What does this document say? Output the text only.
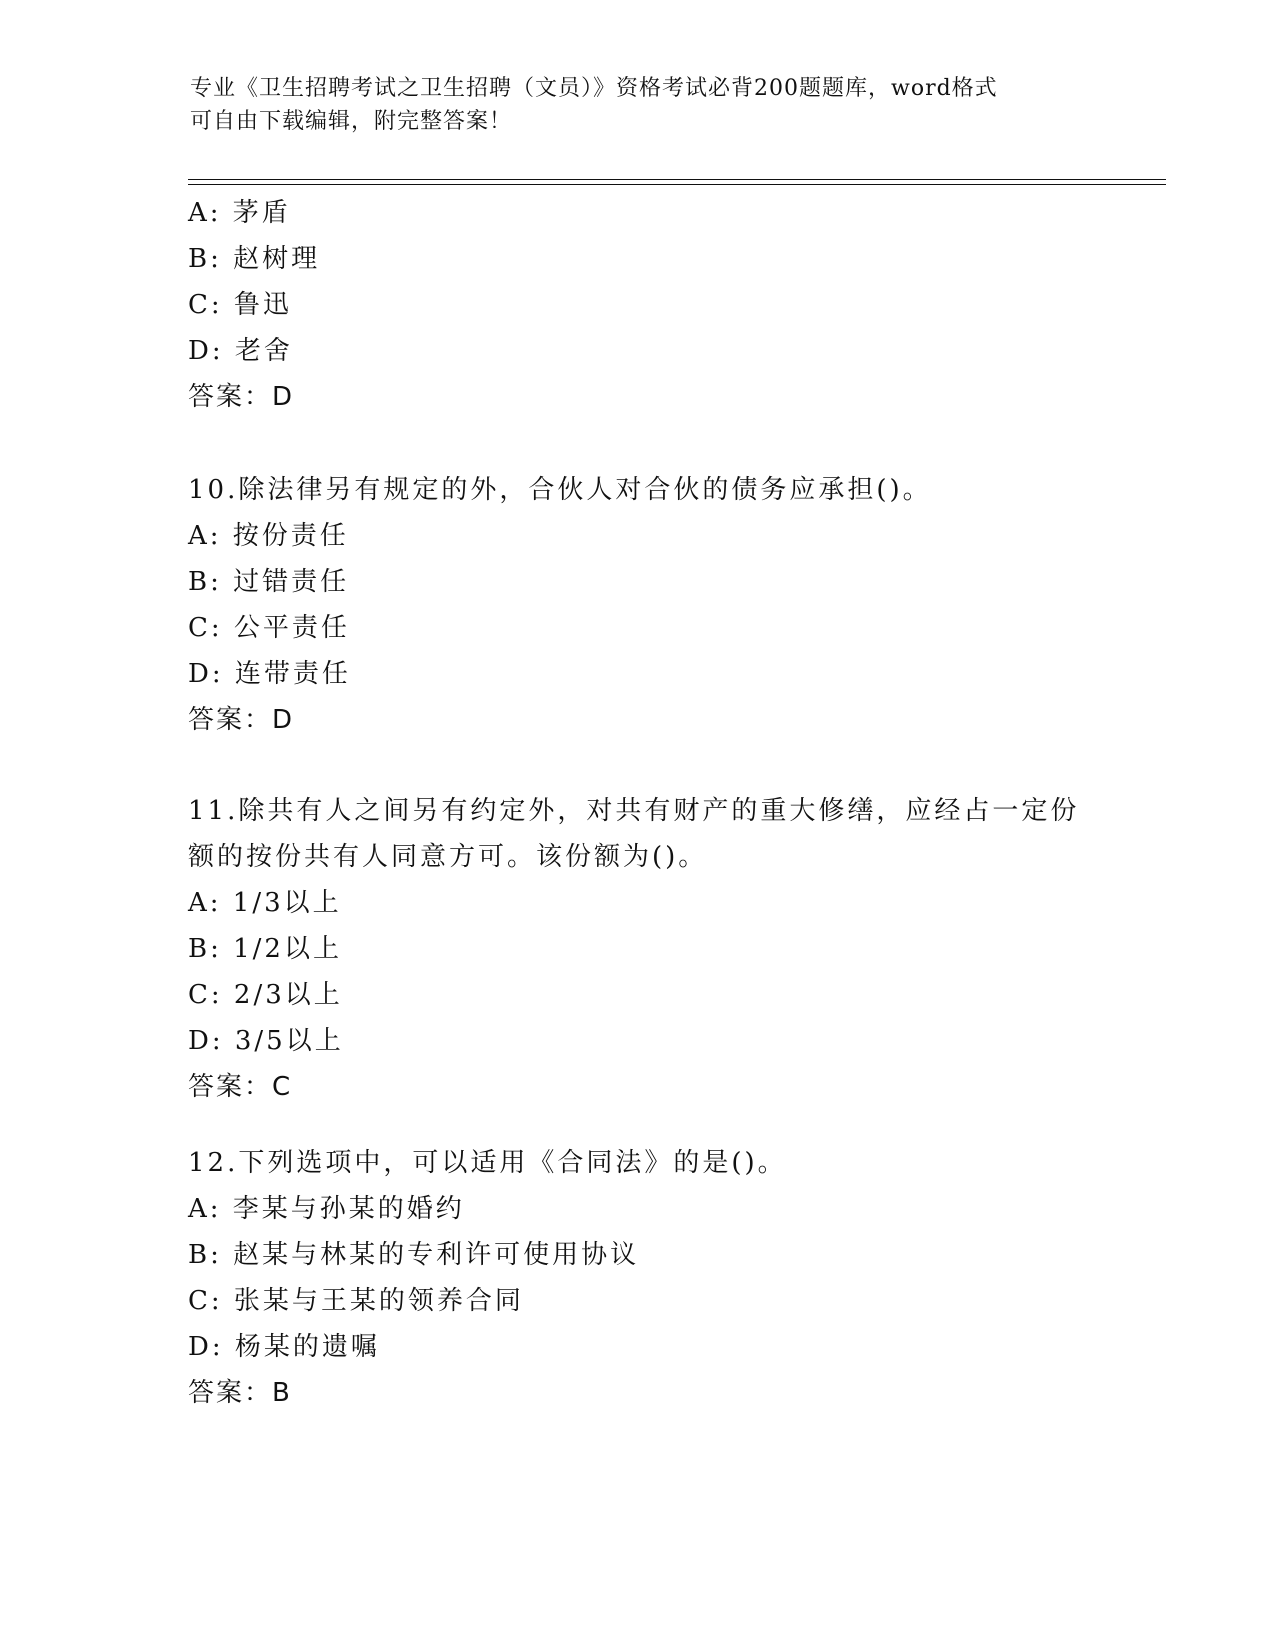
专业《卫生招聘考试之卫生招聘（文员）》资格考试必背200题题库，word格式
可自由下载编辑，附完整答案！
A: 茅盾
B: 赵树理
C: 鲁迅
D: 老舍
答案：D
10.除法律另有规定的外，合伙人对合伙的债务应承担()。
A: 按份责任
B: 过错责任
C: 公平责任
D: 连带责任
答案：D
11.除共有人之间另有约定外，对共有财产的重大修缮，应经占一定份
额的按份共有人同意方可。该份额为()。
A: 1/3以上
B: 1/2以上
C: 2/3以上
D: 3/5以上
答案：C
12.下列选项中，可以适用《合同法》的是()。
A: 李某与孙某的婚约
B: 赵某与林某的专利许可使用协议
C: 张某与王某的领养合同
D: 杨某的遗嘱
答案：B
